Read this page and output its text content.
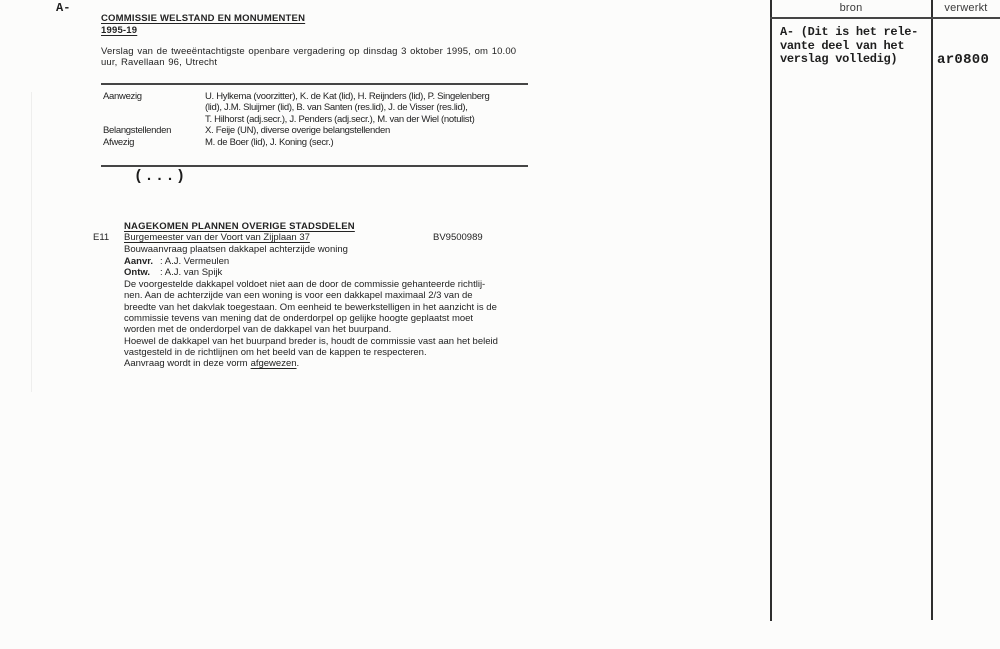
A-
COMMISSIE WELSTAND EN MONUMENTEN
1995-19
Verslag van de tweeëntachtigste openbare vergadering op dinsdag 3 oktober 1995, om 10.00
uur, Ravellaan 96, Utrecht
Aanwezig	U. Hylkema (voorzitter), K. de Kat (lid), H. Reijnders (lid), P. Singelenberg
(lid), J.M. Sluijmer (lid), B. van Santen (res.lid), J. de Visser (res.lid),
T. Hilhorst (adj.secr.), J. Penders (adj.secr.), M. van der Wiel (notulist)
Belangstellenden	X. Feije (UN), diverse overige belangstellenden
Afwezig	M. de Boer (lid), J. Koning (secr.)
(...)
NAGEKOMEN PLANNEN OVERIGE STADSDELEN
E11 Burgemeester van der Voort van Zijplaan 37	BV9500989
Bouwaanvraag plaatsen dakkapel achterzijde woning
Aanvr. : A.J. Vermeulen
Ontw. : A.J. van Spijk
De voorgestelde dakkapel voldoet niet aan de door de commissie gehanteerde richtlij-
nen. Aan de achterzijde van een woning is voor een dakkapel maximaal 2/3 van de
breedte van het dakvlak toegestaan. Om eenheid te bewerkstelligen in het aanzicht is de
commissie tevens van mening dat de onderdorpel op gelijke hoogte geplaatst moet
worden met de onderdorpel van de dakkapel van het buurpand.
Hoewel de dakkapel van het buurpand breder is, houdt de commissie vast aan het beleid
vastgesteld in de richtlijnen om het beeld van de kappen te respecteren.
Aanvraag wordt in deze vorm afgewezen.
bron	verwerkt
A- (Dit is het rele-
vante deel van het
verslag volledig)	ar0800
